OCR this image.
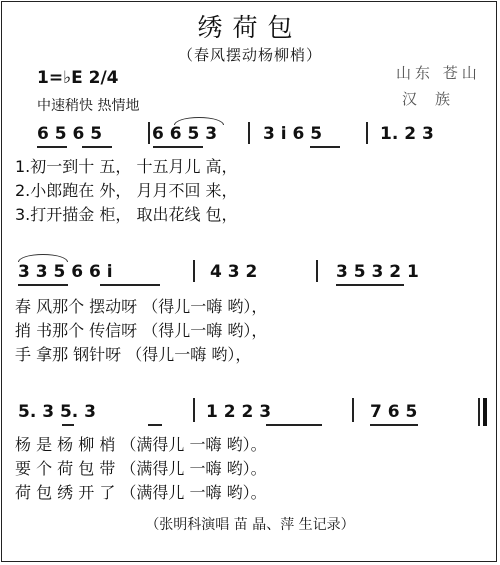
绣荷包
（春风摆动杨柳梢）
山东 苍山
汉族
1=♭E 2/4
中速稍快 热情地
6 5 6 5	6 6 5 3	3 i̇ 6 5	1. 2 3
1.初一到十 五， 十五月儿 高，
2.小郎跑在 外， 月月不回 来，
3.打开描金 柜， 取出花线 包，
3 3 5 6 6 i̇	4 3 2	3 5 3 2 1
春 风那个 摆动呀 （得儿一嗨 哟），
捎 书那个 传信呀 （得儿一嗨 哟），
手 拿那 钢针呀 （得儿一嗨 哟），
5. 3 5. 3	1 2 2 3	7 6 5
杨 是 杨 柳 梢 （满得儿 一嗨 哟）。
要 个 荷 包 带 （满得儿 一嗨 哟）。
荷 包 绣 开 了 （满得儿 一嗨 哟）。
（张明科演唱 苗 晶、萍 生记录）
